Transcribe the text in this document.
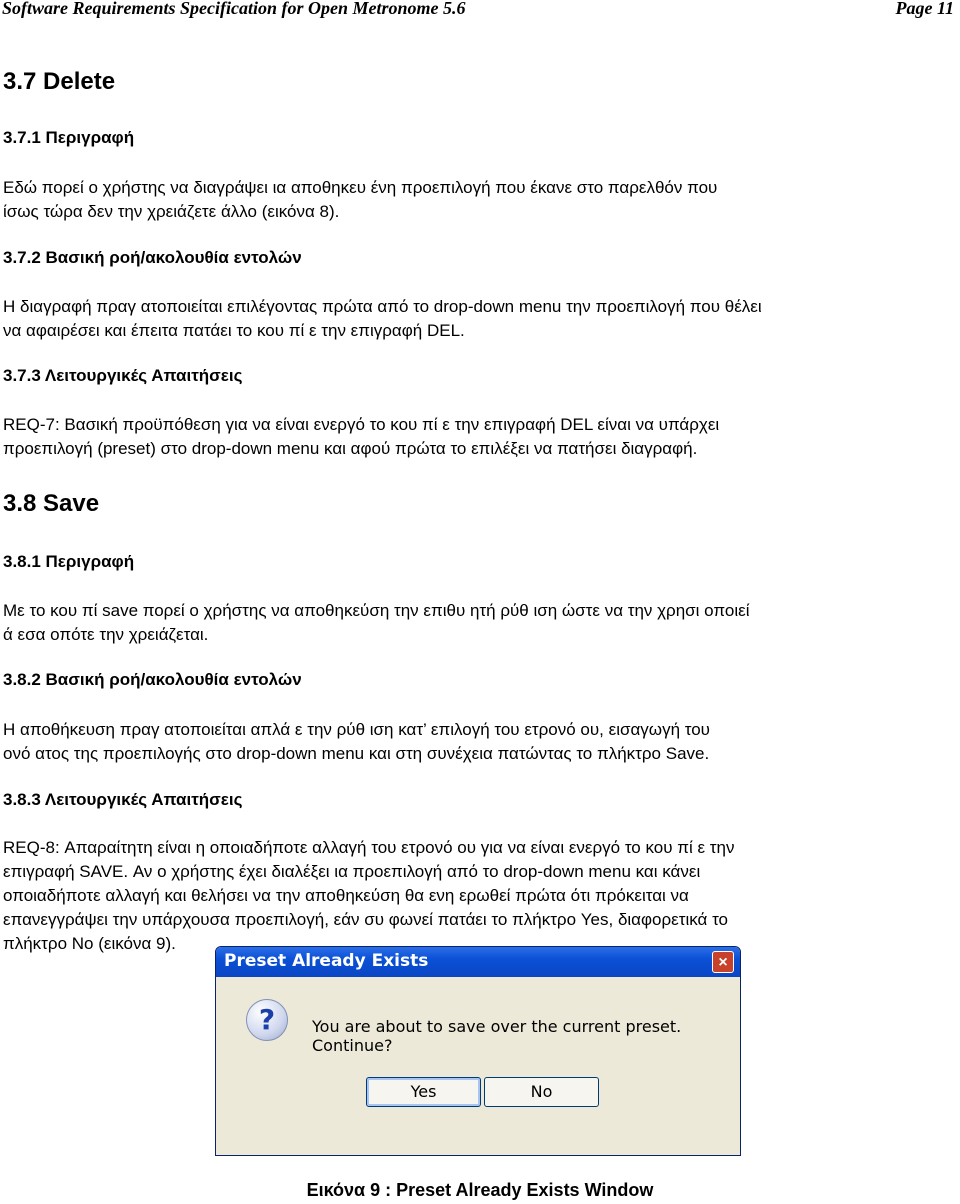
Software Requirements Specification for Open Metronome 5.6	Page 11
3.7 Delete
3.7.1 Περιγραφή

Εδώ πορεί ο χρήστης να διαγράψει ια αποθηκευ ένη προεπιλογή που έκανε στο παρελθόν που
ίσως τώρα δεν την χρειάζετε άλλο (εικόνα 8).

3.7.2 Βασική ροή/ακολουθία εντολών

Η διαγραφή πραγ ατοποιείται επιλέγοντας πρώτα από το drop-down menu την προεπιλογή που θέλει
να αφαιρέσει και έπειτα πατάει το κου πί ε την επιγραφή DEL.

3.7.3 Λειτουργικές Απαιτήσεις

REQ-7: Βασική προϋπόθεση για να είναι ενεργό το κου πί ε την επιγραφή DEL είναι να υπάρχει
προεπιλογή (preset) στο drop-down menu και αφού πρώτα το επιλέξει να πατήσει διαγραφή.

3.8 Save
3.8.1 Περιγραφή

Με το κου πί save πορεί ο χρήστης να αποθηκεύση την επιθυ ητή ρύθ ιση ώστε να την χρησι οποιεί
ά εσα οπότε την χρειάζεται.

3.8.2 Βασική ροή/ακολουθία εντολών

Η αποθήκευση πραγ ατοποιείται απλά ε την ρύθ ιση κατ’ επιλογή του ετρονό ου, εισαγωγή του
ονό ατος της προεπιλογής στο drop-down menu και στη συνέχεια πατώντας το πλήκτρο Save.

3.8.3 Λειτουργικές Απαιτήσεις

REQ-8: Απαραίτητη είναι η οποιαδήποτε αλλαγή του ετρονό ου για να είναι ενεργό το κου πί ε την
επιγραφή SAVE. Αν ο χρήστης έχει διαλέξει ια προεπιλογή από το drop-down menu και κάνει
οποιαδήποτε αλλαγή και θελήσει να την αποθηκεύση θα ενη ερωθεί πρώτα ότι πρόκειται να
επανεγγράψει την υπάρχουσα προεπιλογή, εάν συ φωνεί πατάει το πλήκτρο Yes, διαφορετικά το
πλήκτρο No (εικόνα 9).

Preset Already Exists	×
?	You are about to save over the current preset. Continue?
Yes	No
Εικόνα 9 : Preset Already Exists Window
